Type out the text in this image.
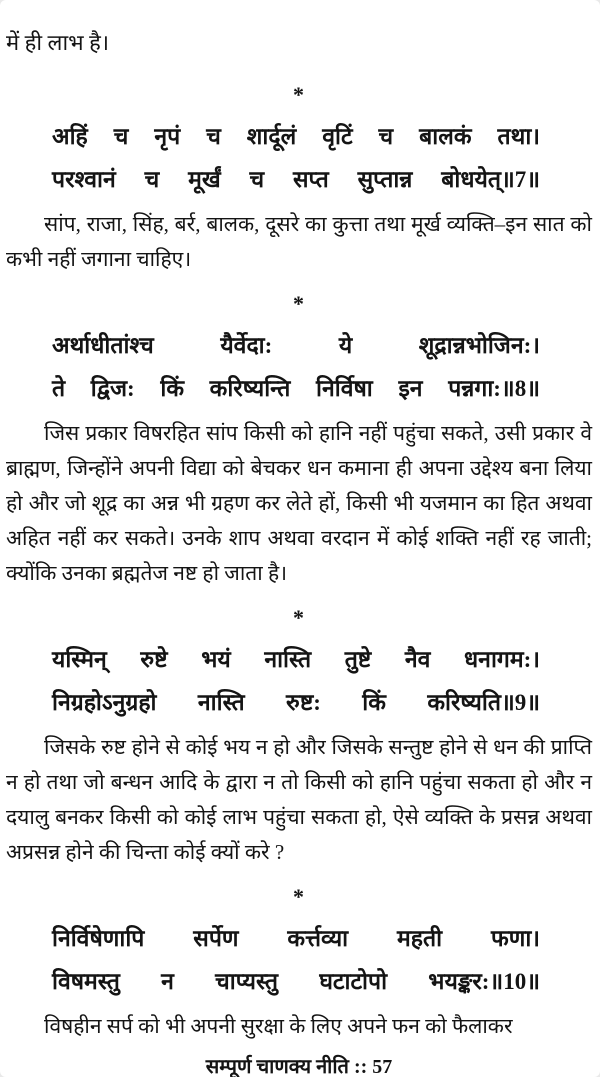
में ही लाभ है।

*
अहिं च नृपं च शार्दूलं वृटिं च बालकं तथा।
परश्वानं च मूर्खं च सप्त सुप्तान्न बोधयेत्॥7॥

सांप, राजा, सिंह, बर्र, बालक, दूसरे का कुत्ता तथा मूर्ख व्यक्ति–इन सात को कभी नहीं जगाना चाहिए।

*
अर्थाधीतांश्च यैर्वेदा: ये शूद्रान्नभोजिन:।
ते द्विज: किं करिष्यन्ति निर्विषा इन पन्नगा:॥8॥

जिस प्रकार विषरहित सांप किसी को हानि नहीं पहुंचा सकते, उसी प्रकार वे ब्राह्मण, जिन्होंने अपनी विद्या को बेचकर धन कमाना ही अपना उद्देश्य बना लिया हो और जो शूद्र का अन्न भी ग्रहण कर लेते हों, किसी भी यजमान का हित अथवा अहित नहीं कर सकते। उनके शाप अथवा वरदान में कोई शक्ति नहीं रह जाती; क्योंकि उनका ब्रह्मतेज नष्ट हो जाता है।

*
यस्मिन् रुष्टे भयं नास्ति तुष्टे नैव धनागम:।
निग्रहोऽनुग्रहो नास्ति रुष्ट: किं करिष्यति॥9॥

जिसके रुष्ट होने से कोई भय न हो और जिसके सन्तुष्ट होने से धन की प्राप्ति न हो तथा जो बन्धन आदि के द्वारा न तो किसी को हानि पहुंचा सकता हो और न दयालु बनकर किसी को कोई लाभ पहुंचा सकता हो, ऐसे व्यक्ति के प्रसन्न अथवा अप्रसन्न होने की चिन्ता कोई क्यों करे ?

*
निर्विषेणापि सर्पेण कर्त्तव्या महती फणा।
विषमस्तु न चाप्यस्तु घटाटोपो भयङ्कर:॥10॥

विषहीन सर्प को भी अपनी सुरक्षा के लिए अपने फन को फैलाकर

सम्पूर्ण चाणक्य नीति :: 57
